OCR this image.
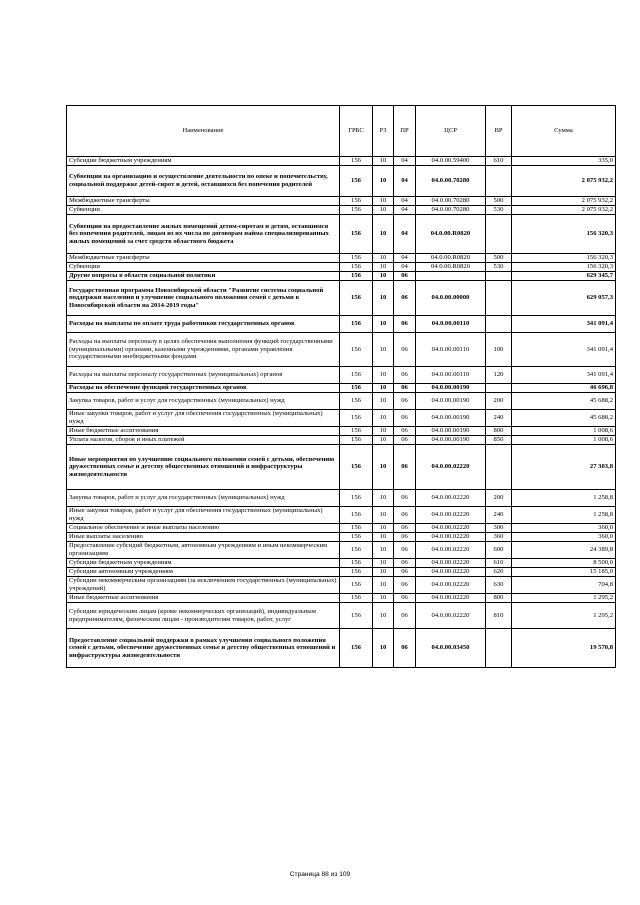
Наименование	ГРБС	РЗ	ПР	ЦСР	ВР	Сумма
Субсидии бюджетным учреждениям	156	10	04	04.0.00.59400	610	335,0
Субвенции на организацию и осуществление деятельности по опеке и попечительству, социальной поддержке детей-сирот и детей, оставшихся без попечения родителей	156	10	04	04.0.00.70280		2 075 932,2
Межбюджетные трансферты	156	10	04	04.0.00.70280	500	2 075 932,2
Субвенции	156	10	04	04.0.00.70280	530	2 075 932,2
Субвенции на предоставление жилых помещений детям-сиротам и детям, оставшимся без попечения родителей, лицам из их числа по договорам найма специализированных жилых помещений за счет средств областного бюджета	156	10	04	04.0.00.R0820		156 320,3
Межбюджетные трансферты	156	10	04	04.0.00.R0820	500	156 320,3
Субвенции	156	10	04	04.0.00.R0820	530	156 320,3
Другие вопросы в области социальной политики	156	10	06			629 345,7
Государственная программа Новосибирской области "Развитие системы социальной поддержки населения и улучшение социального положения семей с детьми в Новосибирской области на 2014-2019 годы"	156	10	06	04.0.00.00000		629 057,3
Расходы на выплаты по оплате труда работников государственных органов	156	10	06	04.0.00.00110		341 091,4
Расходы на выплаты персоналу в целях обеспечения выполнения функций государственными (муниципальными) органами, казенными учреждениями, органами управления государственными внебюджетными фондами	156	10	06	04.0.00.00110	100	341 091,4
Расходы на выплаты персоналу государственных (муниципальных) органов	156	10	06	04.0.00.00110	120	341 091,4
Расходы на обеспечение функций государственных органов	156	10	06	04.0.00.00190		46 696,8
Закупка товаров, работ и услуг для государственных (муниципальных) нужд	156	10	06	04.0.00.00190	200	45 688,2
Иные закупки товаров, работ и услуг для обеспечения государственных (муниципальных) нужд	156	10	06	04.0.00.00190	240	45 688,2
Иные бюджетные ассигнования	156	10	06	04.0.00.00190	800	1 008,6
Уплата налогов, сборов и иных платежей	156	10	06	04.0.00.00190	850	1 008,6
Иные мероприятия по улучшению социального положения семей с детьми, обеспечению дружественных семье и детству общественных отношений и инфраструктуры жизнедеятельности	156	10	06	04.0.00.02220		27 303,8
Закупка товаров, работ и услуг для государственных (муниципальных) нужд	156	10	06	04.0.00.02220	200	1 258,8
Иные закупки товаров, работ и услуг для обеспечения государственных (муниципальных) нужд	156	10	06	04.0.00.02220	240	1 258,8
Социальное обеспечение и иные выплаты населению	156	10	06	04.0.00.02220	300	360,0
Иные выплаты населению	156	10	06	04.0.00.02220	360	360,0
Предоставление субсидий бюджетным, автономным учреждениям и иным некоммерческим организациям	156	10	06	04.0.00.02220	600	24 389,8
Субсидии бюджетным учреждениям	156	10	06	04.0.00.02220	610	8 500,0
Субсидии автономным учреждениям	156	10	06	04.0.00.02220	620	15 185,0
Субсидии некоммерческим организациям (за исключением государственных (муниципальных) учреждений)	156	10	06	04.0.00.02220	630	704,8
Иные бюджетные ассигнования	156	10	06	04.0.00.02220	800	1 295,2
Субсидии юридическим лицам (кроме некоммерческих организаций), индивидуальным предпринимателям, физическим лицам - производителям товаров, работ, услуг	156	10	06	04.0.00.02220	810	1 295,2
Предоставление социальной поддержки в рамках улучшения социального положения семей с детьми, обеспечение дружественных семье и детству общественных отношений и инфраструктуры жизнедеятельности	156	10	06	04.0.00.03450		19 570,8
Страница 88 из 109
